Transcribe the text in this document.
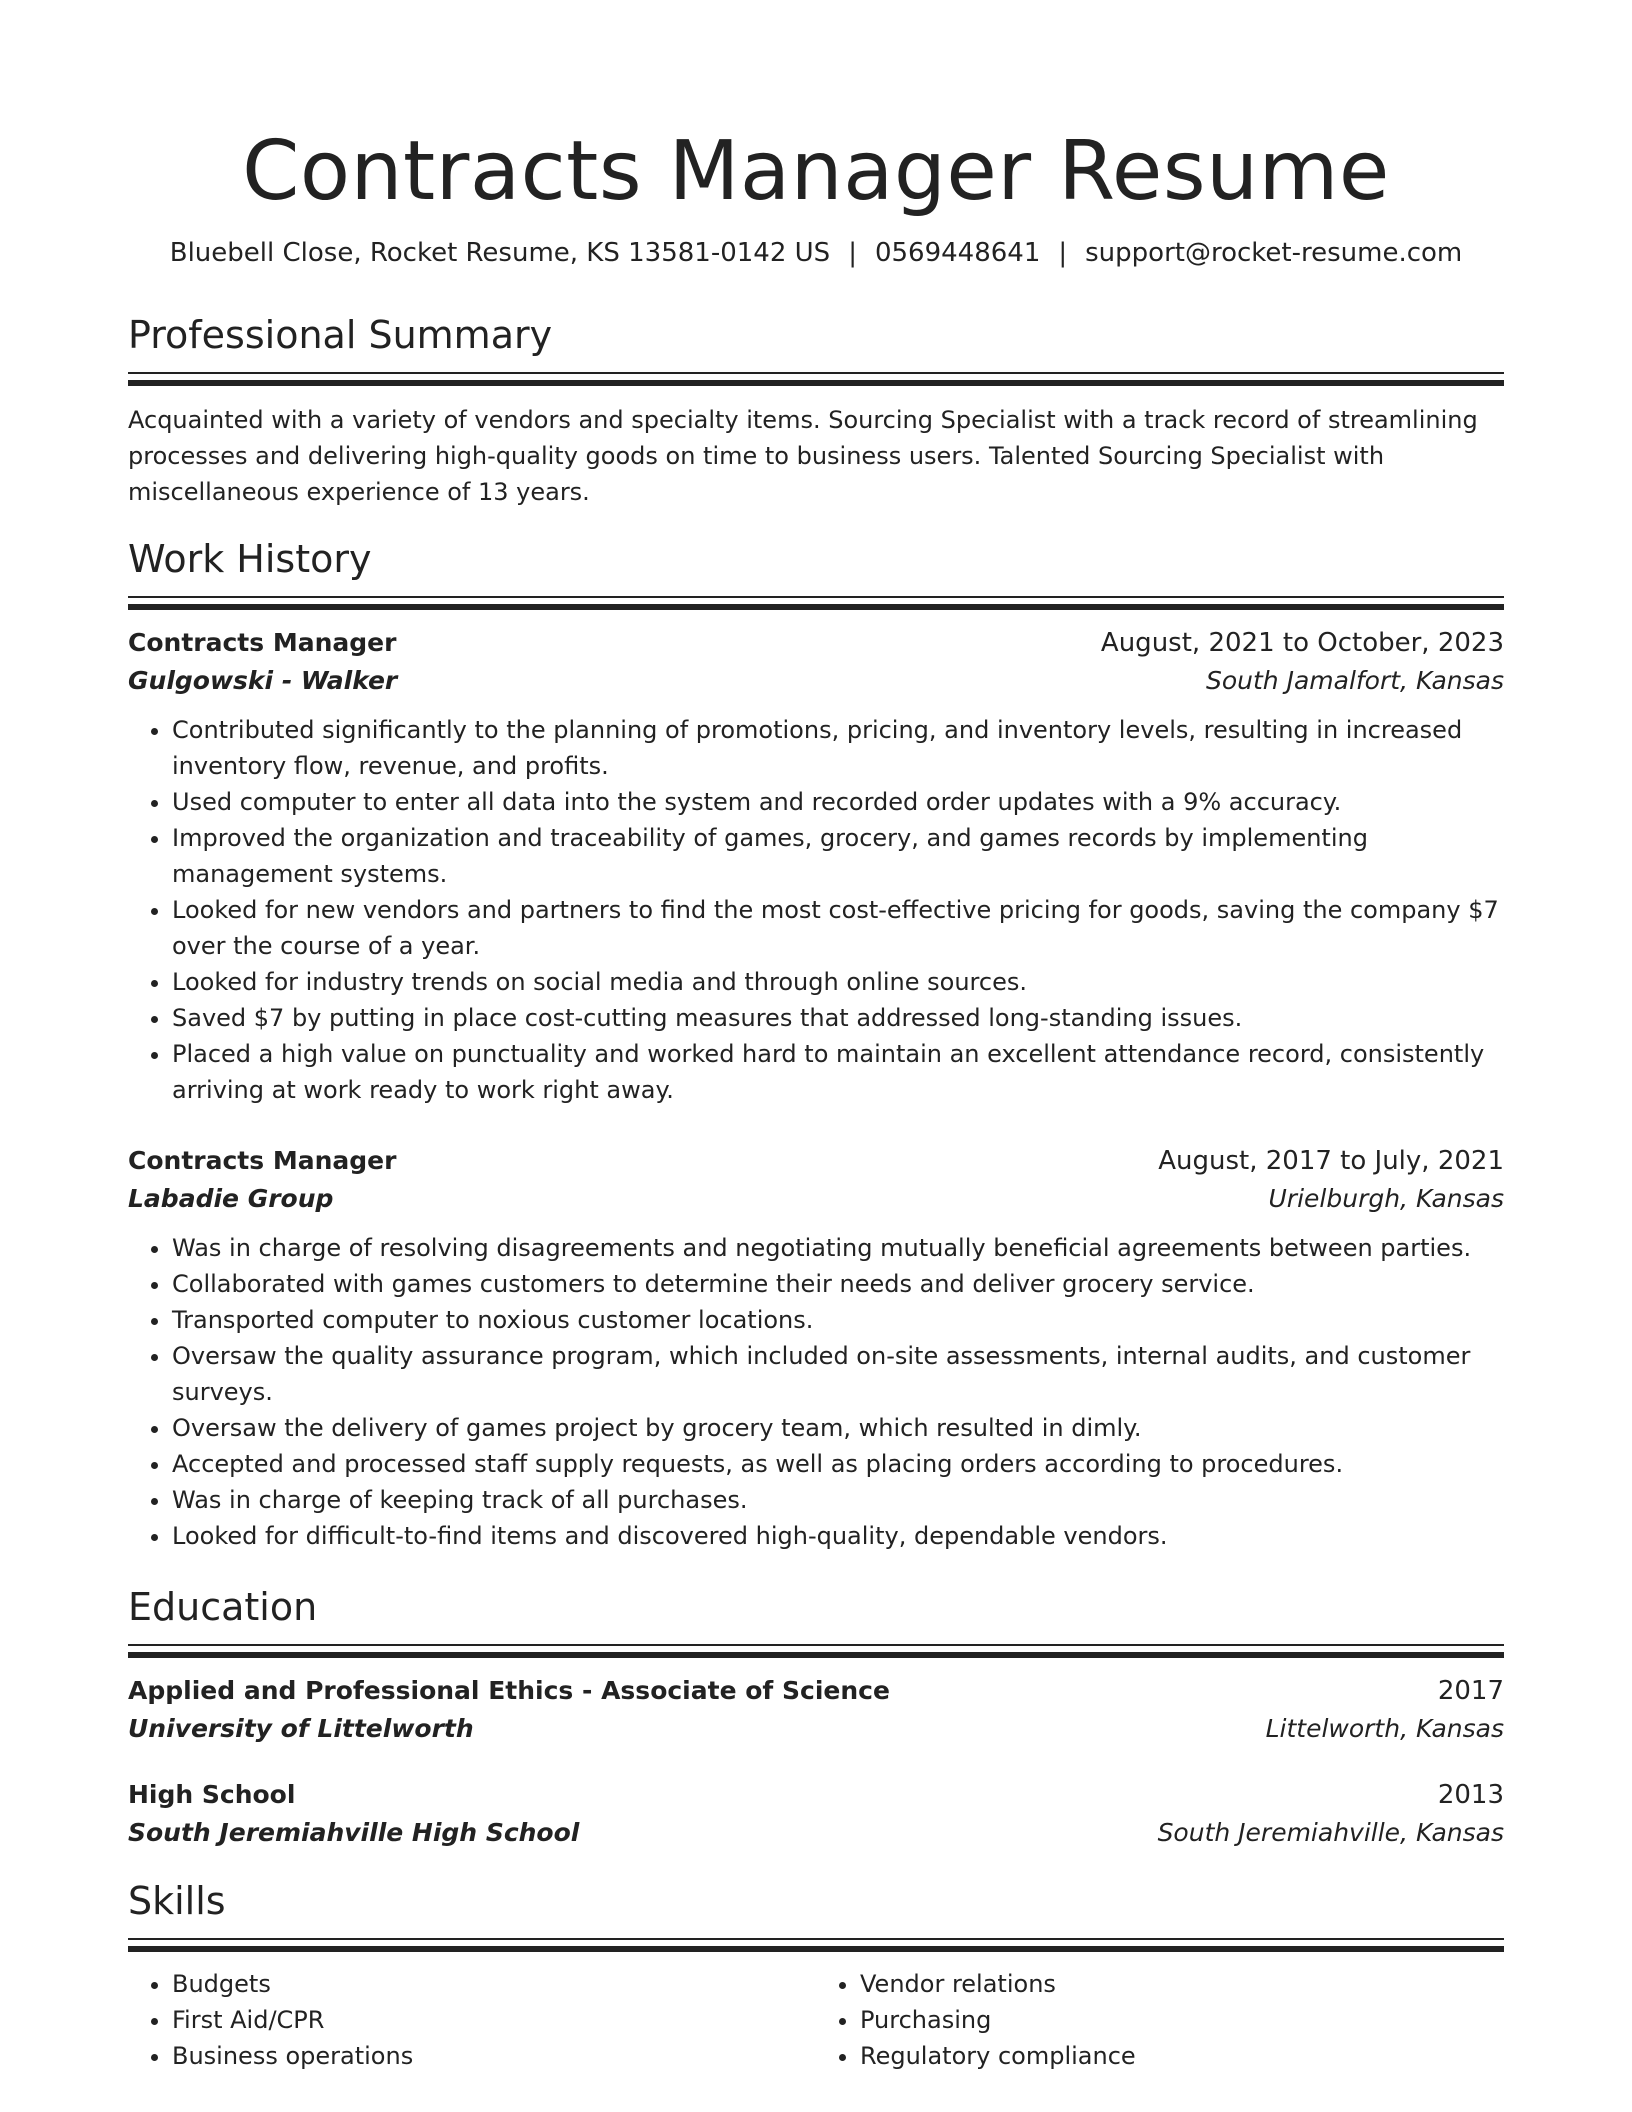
Contracts Manager Resume
Bluebell Close, Rocket Resume, KS 13581-0142 US | 0569448641 | support@rocket-resume.com
Professional Summary
Acquainted with a variety of vendors and specialty items. Sourcing Specialist with a track record of streamlining processes and delivering high-quality goods on time to business users. Talented Sourcing Specialist with miscellaneous experience of 13 years.
Work History
Contracts Manager	August, 2021 to October, 2023
Gulgowski - Walker	South Jamalfort, Kansas
• Contributed significantly to the planning of promotions, pricing, and inventory levels, resulting in increased inventory flow, revenue, and profits.
• Used computer to enter all data into the system and recorded order updates with a 9% accuracy.
• Improved the organization and traceability of games, grocery, and games records by implementing management systems.
• Looked for new vendors and partners to find the most cost-effective pricing for goods, saving the company $7 over the course of a year.
• Looked for industry trends on social media and through online sources.
• Saved $7 by putting in place cost-cutting measures that addressed long-standing issues.
• Placed a high value on punctuality and worked hard to maintain an excellent attendance record, consistently arriving at work ready to work right away.
Contracts Manager	August, 2017 to July, 2021
Labadie Group	Urielburgh, Kansas
• Was in charge of resolving disagreements and negotiating mutually beneficial agreements between parties.
• Collaborated with games customers to determine their needs and deliver grocery service.
• Transported computer to noxious customer locations.
• Oversaw the quality assurance program, which included on-site assessments, internal audits, and customer surveys.
• Oversaw the delivery of games project by grocery team, which resulted in dimly.
• Accepted and processed staff supply requests, as well as placing orders according to procedures.
• Was in charge of keeping track of all purchases.
• Looked for difficult-to-find items and discovered high-quality, dependable vendors.
Education
Applied and Professional Ethics - Associate of Science	2017
University of Littelworth	Littelworth, Kansas
High School	2013
South Jeremiahville High School	South Jeremiahville, Kansas
Skills
• Budgets
• First Aid/CPR
• Business operations
• Vendor relations
• Purchasing
• Regulatory compliance
